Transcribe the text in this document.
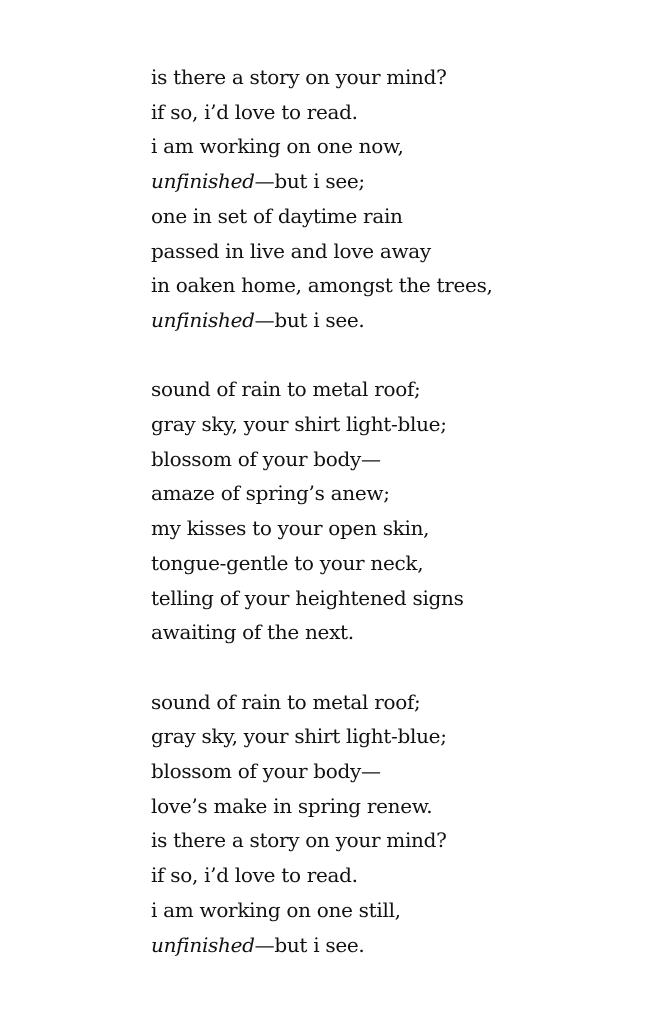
is there a story on your mind?
if so, i’d love to read.
i am working on one now,
unfinished—but i see;
one in set of daytime rain
passed in live and love away
in oaken home, amongst the trees,
unfinished—but i see.
sound of rain to metal roof;
gray sky, your shirt light-blue;
blossom of your body—
amaze of spring’s anew;
my kisses to your open skin,
tongue-gentle to your neck,
telling of your heightened signs
awaiting of the next.
sound of rain to metal roof;
gray sky, your shirt light-blue;
blossom of your body—
love’s make in spring renew.
is there a story on your mind?
if so, i’d love to read.
i am working on one still,
unfinished—but i see.
